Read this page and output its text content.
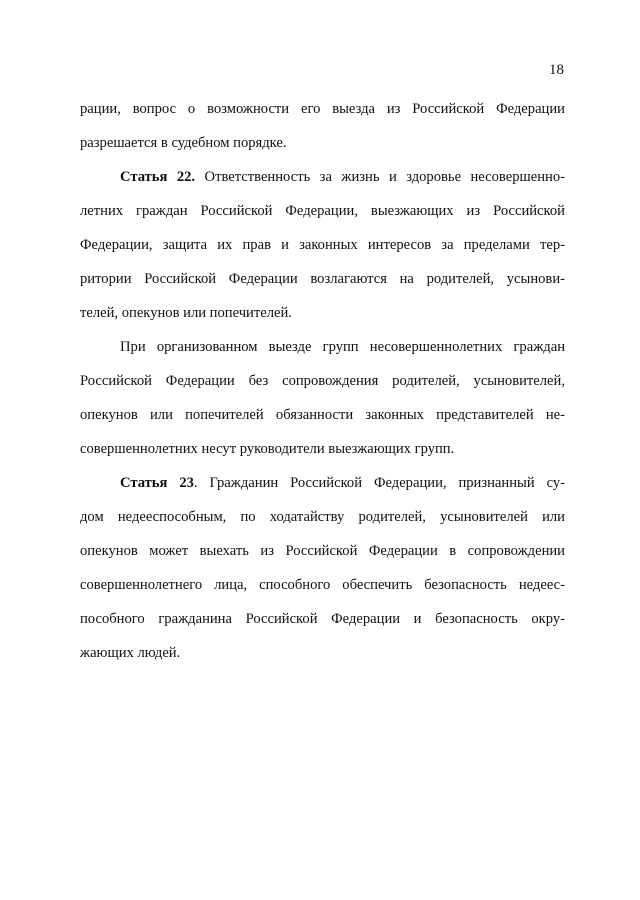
18
рации, вопрос о возможности его выезда из Российской Федерации
разрешается в судебном порядке.
Статья 22. Ответственность за жизнь и здоровье несовершенно-
летних граждан Российской Федерации, выезжающих из Российской
Федерации, защита их прав и законных интересов за пределами тер-
ритории Российской Федерации возлагаются на родителей, усынови-
телей, опекунов или попечителей.
При организованном выезде групп несовершеннолетних граждан
Российской Федерации без сопровождения родителей, усыновителей,
опекунов или попечителей обязанности законных представителей не-
совершеннолетних несут руководители выезжающих групп.
Статья 23. Гражданин Российской Федерации, признанный су-
дом недееспособным, по ходатайству родителей, усыновителей или
опекунов может выехать из Российской Федерации в сопровождении
совершеннолетнего лица, способного обеспечить безопасность недеес-
пособного гражданина Российской Федерации и безопасность окру-
жающих людей.
